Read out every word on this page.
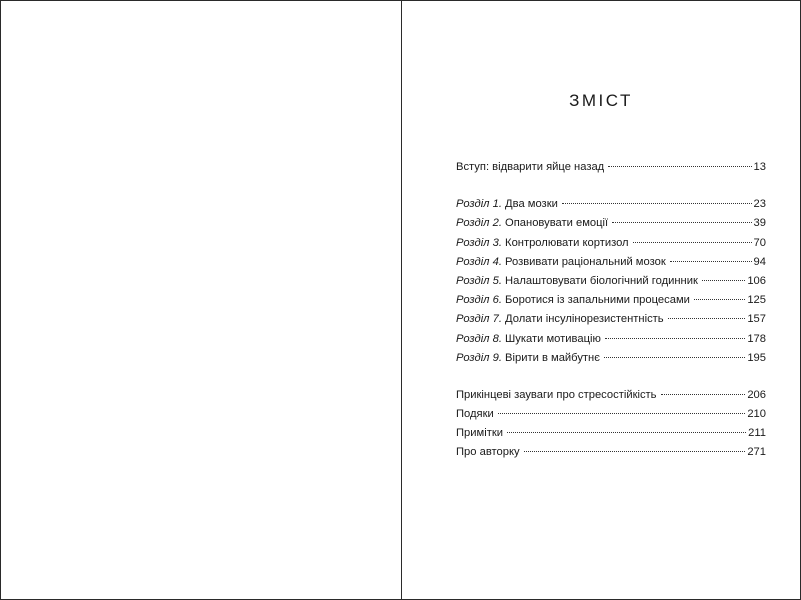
ЗМІСТ
Вступ: відварити яйце назад	13
Розділ 1. Два мозки	23
Розділ 2. Опановувати емоції	39
Розділ 3. Контролювати кортизол	70
Розділ 4. Розвивати раціональний мозок	94
Розділ 5. Налаштовувати біологічний годинник	106
Розділ 6. Боротися із запальними процесами	125
Розділ 7. Долати інсулінорезистентність	157
Розділ 8. Шукати мотивацію	178
Розділ 9. Вірити в майбутнє	195
Прикінцеві зауваги про стресостійкість	206
Подяки	210
Примітки	211
Про авторку	271
